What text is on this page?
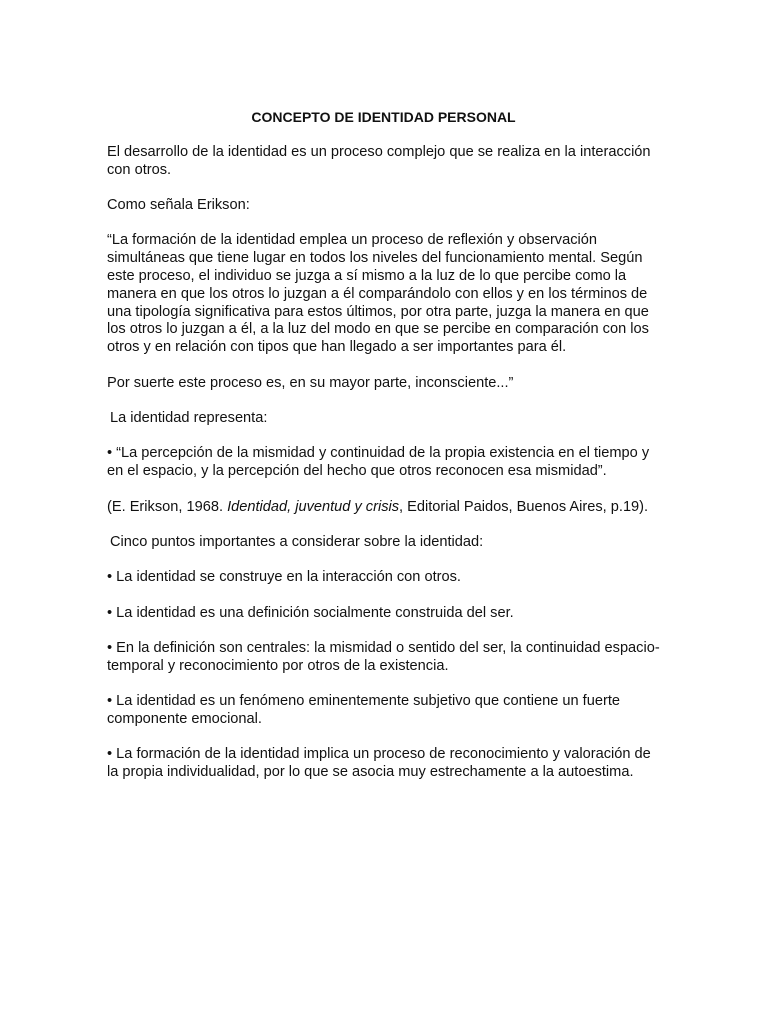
CONCEPTO DE IDENTIDAD PERSONAL

El desarrollo de la identidad es un proceso complejo que se realiza en la interacción con otros.

Como señala Erikson:

“La formación de la identidad emplea un proceso de reflexión y observación simultáneas que tiene lugar en todos los niveles del funcionamiento mental. Según este proceso, el individuo se juzga a sí mismo a la luz de lo que percibe como la manera en que los otros lo juzgan a él comparándolo con ellos y en los términos de una tipología significativa para estos últimos, por otra parte, juzga la manera en que los otros lo juzgan a él, a la luz del modo en que se percibe en comparación con los otros y en relación con tipos que han llegado a ser importantes para él.

Por suerte este proceso es, en su mayor parte, inconsciente...”

La identidad representa:

• “La percepción de la mismidad y continuidad de la propia existencia en el tiempo y en el espacio, y la percepción del hecho que otros reconocen esa mismidad”.

(E. Erikson, 1968. Identidad, juventud y crisis, Editorial Paidos, Buenos Aires, p.19).

Cinco puntos importantes a considerar sobre la identidad:

• La identidad se construye en la interacción con otros.

• La identidad es una definición socialmente construida del ser.

• En la definición son centrales: la mismidad o sentido del ser, la continuidad espacio-temporal y reconocimiento por otros de la existencia.

• La identidad es un fenómeno eminentemente subjetivo que contiene un fuerte componente emocional.

• La formación de la identidad implica un proceso de reconocimiento y valoración de la propia individualidad, por lo que se asocia muy estrechamente a la autoestima.
